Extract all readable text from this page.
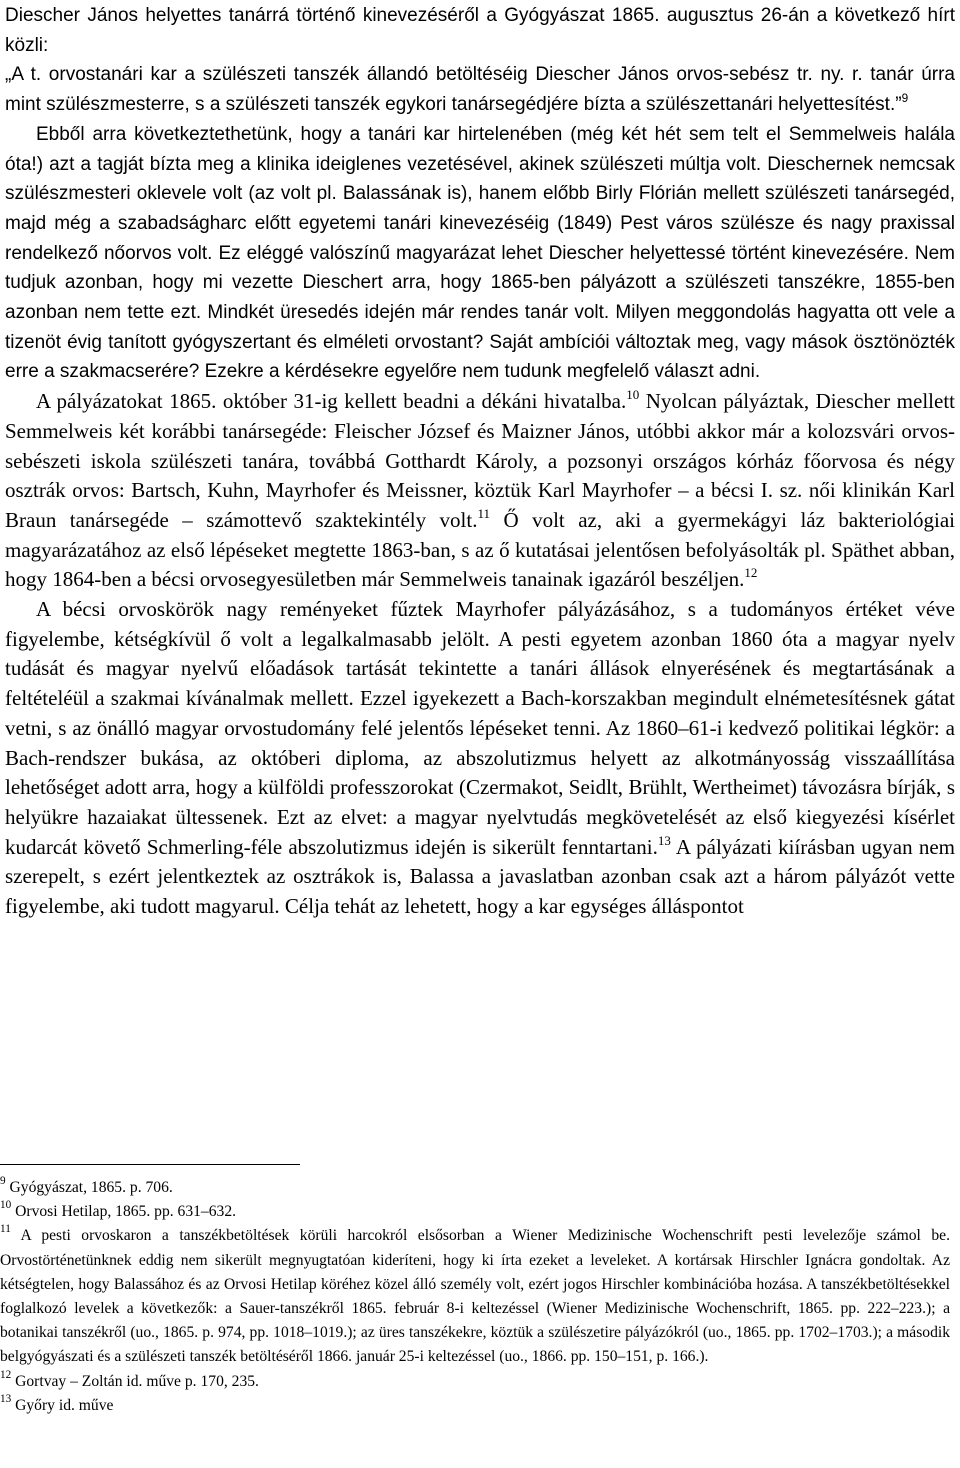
Diescher János helyettes tanárrá történő kinevezéséről a Gyógyászat 1865. augusztus 26-án a következő hírt közli:

„A t. orvostanári kar a szülészeti tanszék állandó betöltéséig Diescher János orvos-sebész tr. ny. r. tanár úrra mint szülészmesterre, s a szülészeti tanszék egykori tanársegédjére bízta a szülészettanári helyettesítést.”$^9$

Ebből arra következtethetünk, hogy a tanári kar hirtelenében (még két hét sem telt el Semmelweis halála óta!) azt a tagját bízta meg a klinika ideiglenes vezetésével, akinek szülészeti múltja volt. Dieschernek nemcsak szülészmesteri oklevele volt (az volt pl. Balassának is), hanem előbb Birly Flórián mellett szülészeti tanársegéd, majd még a szabadságharc előtt egyetemi tanári kinevezéséig (1849) Pest város szülésze és nagy praxissal rendelkező nőorvos volt. Ez eléggé valószínű magyarázat lehet Diescher helyettessé történt kinevezésére. Nem tudjuk azonban, hogy mi vezette Dieschert arra, hogy 1865-ben pályázott a szülészeti tanszékre, 1855-ben azonban nem tette ezt. Mindkét üresedés idején már rendes tanár volt. Milyen meggondolás hagyatta ott vele a tizenöt évig tanított gyógyszertant és elméleti orvostant? Saját ambíciói változtak meg, vagy mások ösztönözték erre a szakmacserére? Ezekre a kérdésekre egyelőre nem tudunk megfelelő választ adni.

A pályázatokat 1865. október 31-ig kellett beadni a dékáni hivatalba.$^{10}$ Nyolcan pályáztak, Diescher mellett Semmelweis két korábbi tanársegéde: Fleischer József és Maizner János, utóbbi akkor már a kolozsvári orvos-sebészeti iskola szülészeti tanára, továbbá Gotthardt Károly, a pozsonyi országos kórház főorvosa és négy osztrák orvos: Bartsch, Kuhn, Mayrhofer és Meissner, köztük Karl Mayrhofer – a bécsi I. sz. női klinikán Karl Braun tanársegéde – számottevő szaktekintély volt.$^{11}$ Ő volt az, aki a gyermekágyi láz bakteriológiai magyarázatához az első lépéseket megtette 1863-ban, s az ő kutatásai jelentősen befolyásolták pl. Späthet abban, hogy 1864-ben a bécsi orvosegyesületben már Semmelweis tanainak igazáról beszéljen.$^{12}$

A bécsi orvoskörök nagy reményeket fűztek Mayrhofer pályázásához, s a tudományos értéket véve figyelembe, kétségkívül ő volt a legalkalmasabb jelölt. A pesti egyetem azonban 1860 óta a magyar nyelv tudását és magyar nyelvű előadások tartását tekintette a tanári állások elnyerésének és megtartásának a feltételéül a szakmai kívánalmak mellett. Ezzel igyekezett a Bach-korszakban megindult elnémetesítésnek gátat vetni, s az önálló magyar orvostudomány felé jelentős lépéseket tenni. Az 1860–61-i kedvező politikai légkör: a Bach-rendszer bukása, az októberi diploma, az abszolutizmus helyett az alkotmányosság visszaállítása lehetőséget adott arra, hogy a külföldi professzorokat (Czermakot, Seidlt, Brühlt, Wertheimet) távozásra bírják, s helyükre hazaiakat ültessenek. Ezt az elvet: a magyar nyelvtudás megkövetelését az első kiegyezési kísérlet kudarcát követő Schmerling-féle abszolutizmus idején is sikerült fenntartani.$^{13}$ A pályázati kiírásban ugyan nem szerepelt, s ezért jelentkeztek az osztrákok is, Balassa a javaslatban azonban csak azt a három pályázót vette figyelembe, aki tudott magyarul. Célja tehát az lehetett, hogy a kar egységes álláspontot

$^9$ Gyógyászat, 1865. p. 706.

$^{10}$ Orvosi Hetilap, 1865. pp. 631–632.

$^{11}$ A pesti orvoskaron a tanszékbetöltések körüli harcokról elsősorban a Wiener Medizinische Wochenschrift pesti levelezője számol be. Orvostörténetünknek eddig nem sikerült megnyugtatóan kideríteni, hogy ki írta ezeket a leveleket. A kortársak Hirschler Ignácra gondoltak. Az kétségtelen, hogy Balassához és az Orvosi Hetilap köréhez közel álló személy volt, ezért jogos Hirschler kombinációba hozása. A tanszékbetöltésekkel foglalkozó levelek a következők: a Sauer-tanszékről 1865. február 8-i keltezéssel (Wiener Medizinische Wochenschrift, 1865. pp. 222–223.); a botanikai tanszékről (uo., 1865. p. 974, pp. 1018–1019.); az üres tanszékekre, köztük a szülészetire pályázókról (uo., 1865. pp. 1702–1703.); a második belgyógyászati és a szülészeti tanszék betöltéséről 1866. január 25-i keltezéssel (uo., 1866. pp. 150–151, p. 166.).

$^{12}$ Gortvay – Zoltán id. műve p. 170, 235.

$^{13}$ Győry id. műve
